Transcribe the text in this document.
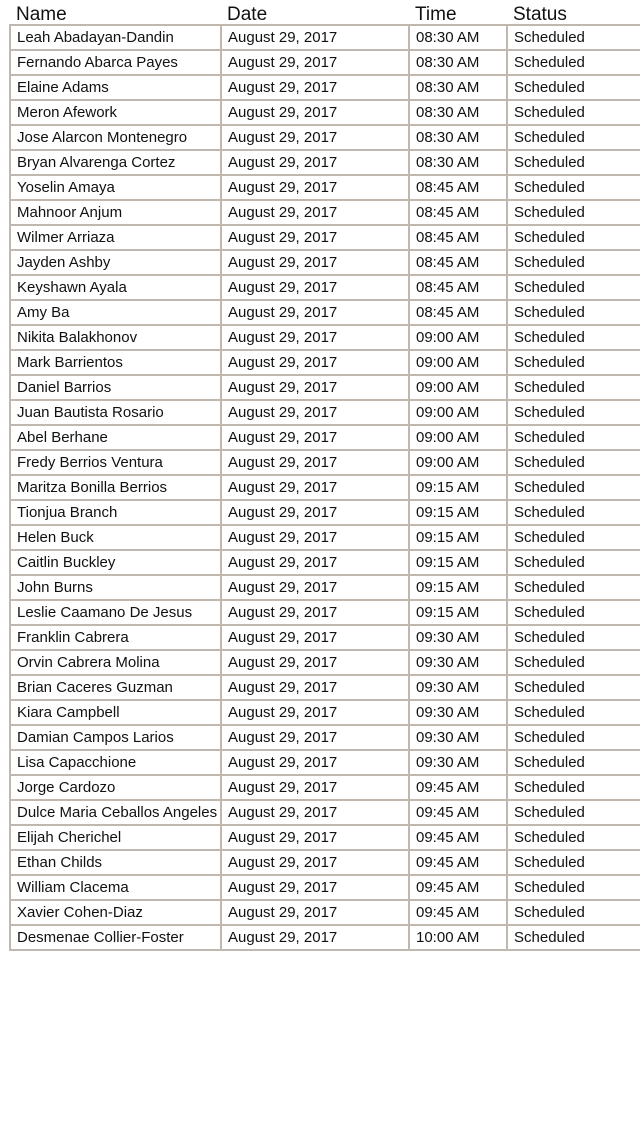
Name	Date	Time	Status
Leah Abadayan-Dandin	August 29, 2017	08:30 AM	Scheduled
Fernando Abarca Payes	August 29, 2017	08:30 AM	Scheduled
Elaine Adams	August 29, 2017	08:30 AM	Scheduled
Meron Afework	August 29, 2017	08:30 AM	Scheduled
Jose Alarcon Montenegro	August 29, 2017	08:30 AM	Scheduled
Bryan Alvarenga Cortez	August 29, 2017	08:30 AM	Scheduled
Yoselin Amaya	August 29, 2017	08:45 AM	Scheduled
Mahnoor Anjum	August 29, 2017	08:45 AM	Scheduled
Wilmer Arriaza	August 29, 2017	08:45 AM	Scheduled
Jayden Ashby	August 29, 2017	08:45 AM	Scheduled
Keyshawn Ayala	August 29, 2017	08:45 AM	Scheduled
Amy Ba	August 29, 2017	08:45 AM	Scheduled
Nikita Balakhonov	August 29, 2017	09:00 AM	Scheduled
Mark Barrientos	August 29, 2017	09:00 AM	Scheduled
Daniel Barrios	August 29, 2017	09:00 AM	Scheduled
Juan Bautista Rosario	August 29, 2017	09:00 AM	Scheduled
Abel Berhane	August 29, 2017	09:00 AM	Scheduled
Fredy Berrios Ventura	August 29, 2017	09:00 AM	Scheduled
Maritza Bonilla Berrios	August 29, 2017	09:15 AM	Scheduled
Tionjua Branch	August 29, 2017	09:15 AM	Scheduled
Helen Buck	August 29, 2017	09:15 AM	Scheduled
Caitlin Buckley	August 29, 2017	09:15 AM	Scheduled
John Burns	August 29, 2017	09:15 AM	Scheduled
Leslie Caamano De Jesus	August 29, 2017	09:15 AM	Scheduled
Franklin Cabrera	August 29, 2017	09:30 AM	Scheduled
Orvin Cabrera Molina	August 29, 2017	09:30 AM	Scheduled
Brian Caceres Guzman	August 29, 2017	09:30 AM	Scheduled
Kiara Campbell	August 29, 2017	09:30 AM	Scheduled
Damian Campos Larios	August 29, 2017	09:30 AM	Scheduled
Lisa Capacchione	August 29, 2017	09:30 AM	Scheduled
Jorge Cardozo	August 29, 2017	09:45 AM	Scheduled
Dulce Maria Ceballos Angeles	August 29, 2017	09:45 AM	Scheduled
Elijah Cherichel	August 29, 2017	09:45 AM	Scheduled
Ethan Childs	August 29, 2017	09:45 AM	Scheduled
William Clacema	August 29, 2017	09:45 AM	Scheduled
Xavier Cohen-Diaz	August 29, 2017	09:45 AM	Scheduled
Desmenae Collier-Foster	August 29, 2017	10:00 AM	Scheduled
